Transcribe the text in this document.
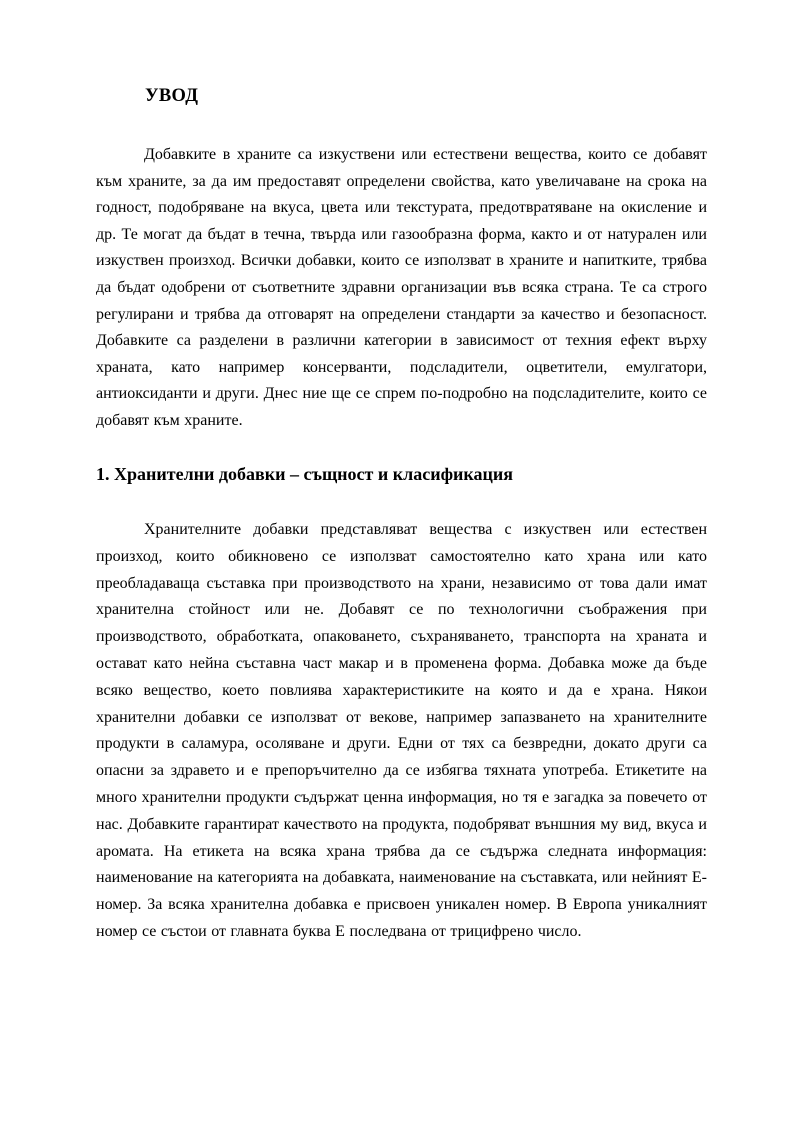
УВОД

Добавките в храните са изкуствени или естествени вещества, които се добавят към храните, за да им предоставят определени свойства, като увеличаване на срока на годност, подобряване на вкуса, цвета или текстурата, предотвратяване на окисление и др. Те могат да бъдат в течна, твърда или газообразна форма, както и от натурален или изкуствен произход. Всички добавки, които се използват в храните и напитките, трябва да бъдат одобрени от съответните здравни организации във всяка страна. Те са строго регулирани и трябва да отговарят на определени стандарти за качество и безопасност. Добавките са разделени в различни категории в зависимост от техния ефект върху храната, като например консерванти, подсладители, оцветители, емулгатори, антиоксиданти и други. Днес ние ще се спрем по-подробно на подсладителите, които се добавят към храните.

1. Хранителни добавки – същност и класификация

Хранителните добавки представляват вещества с изкуствен или естествен произход, които обикновено се използват самостоятелно като храна или като преобладаваща съставка при производството на храни, независимо от това дали имат хранителна стойност или не. Добавят се по технологични съображения при производството, обработката, опаковането, съхраняването, транспорта на храната и остават като нейна съставна част макар и в променена форма. Добавка може да бъде всяко вещество, което повлиява характеристиките на която и да е храна. Някои хранителни добавки се използват от векове, например запазването на хранителните продукти в саламура, осоляване и други. Едни от тях са безвредни, докато други са опасни за здравето и е препоръчително да се избягва тяхната употреба. Етикетите на много хранителни продукти съдържат ценна информация, но тя е загадка за повечето от нас. Добавките гарантират качеството на продукта, подобряват външния му вид, вкуса и аромата. На етикета на всяка храна трябва да се съдържа следната информация: наименование на категорията на добавката, наименование на съставката, или нейният Е-номер. За всяка хранителна добавка е присвоен уникален номер. В Европа уникалният номер се състои от главната буква Е последвана от трицифрено число.
